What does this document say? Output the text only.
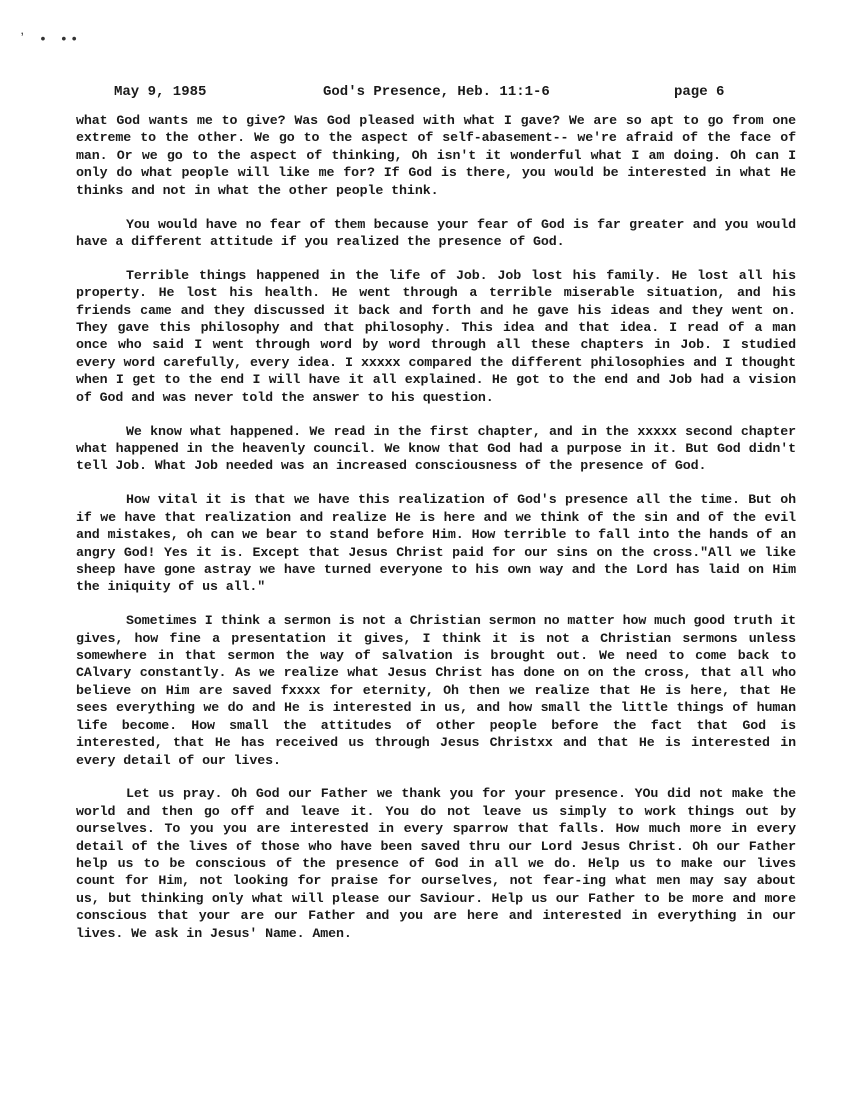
ʼ • ••
May 9, 1985	God's Presence, Heb. 11:1-6	page 6

what God wants me to give? Was God pleased with what I gave? We are so apt to go from one extreme to the other. We go to the aspect of self-abasement-- we're afraid of the face of man. Or we go to the aspect of thinking, Oh isn't it wonderful what I am doing. Oh can I only do what people will like me for? If God is there, you would be interested in what He thinks and not in what the other people think.

You would have no fear of them because your fear of God is far greater and you would have a different attitude if you realized the presence of God.

Terrible things happened in the life of Job. Job lost his family. He lost all his property. He lost his health. He went through a terrible miserable situation, and his friends came and they discussed it back and forth and he gave his ideas and they went on. They gave this philosophy and that philosophy. This idea and that idea. I read of a man once who said I went through word by word through all these chapters in Job. I studied every word carefully, every idea. I xxxxx compared the different philosophies and I thought when I get to the end I will have it all explained. He got to the end and Job had a vision of God and was never told the answer to his question.

We know what happened. We read in the first chapter, and in the xxxxx second chapter what happened in the heavenly council. We know that God had a purpose in it. But God didn't tell Job. What Job needed was an increased consciousness of the presence of God.

How vital it is that we have this realization of God's presence all the time. But oh if we have that realization and realize He is here and we think of the sin and of the evil and mistakes, oh can we bear to stand before Him. How terrible to fall into the hands of an angry God! Yes it is. Except that Jesus Christ paid for our sins on the cross."All we like sheep have gone astray we have turned everyone to his own way and the Lord has laid on Him the iniquity of us all."

Sometimes I think a sermon is not a Christian sermon no matter how much good truth it gives, how fine a presentation it gives, I think it is not a Christian sermons unless somewhere in that sermon the way of salvation is brought out. We need to come back to CAlvary constantly. As we realize what Jesus Christ has done on on the cross, that all who believe on Him are saved fxxxx for eternity, Oh then we realize that He is here, that He sees everything we do and He is interested in us, and how small the little things of human life become. How small the attitudes of other people before the fact that God is interested, that He has received us through Jesus Christxx and that He is interested in every detail of our lives.

Let us pray. Oh God our Father we thank you for your presence. YOu did not make the world and then go off and leave it. You do not leave us simply to work things out by ourselves. To you you are interested in every sparrow that falls. How much more in every detail of the lives of those who have been saved thru our Lord Jesus Christ. Oh our Father help us to be conscious of the presence of God in all we do. Help us to make our lives count for Him, not looking for praise for ourselves, not fear-ing what men may say about us, but thinking only what will please our Saviour. Help us our Father to be more and more conscious that your are our Father and you are here and interested in everything in our lives. We ask in Jesus' Name. Amen.
